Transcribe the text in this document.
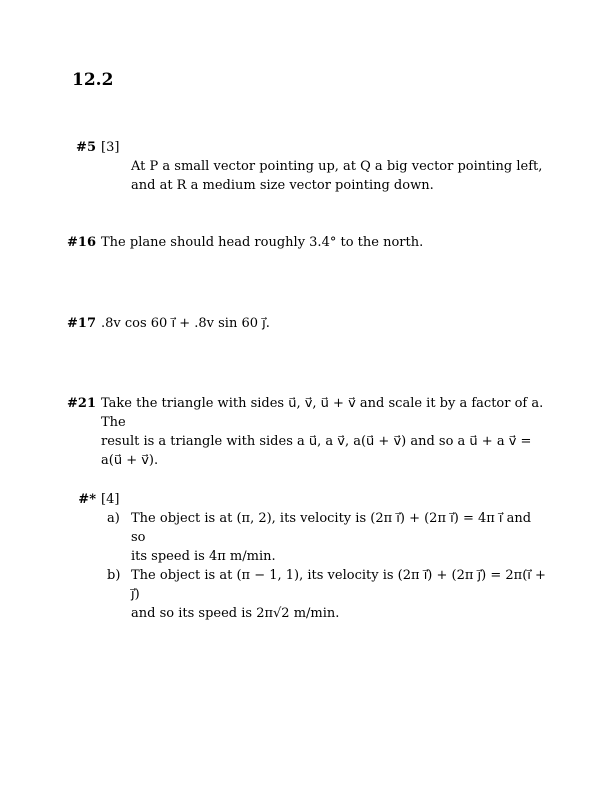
12.2
#5 [3]
At P a small vector pointing up, at Q a big vector pointing left,
and at R a medium size vector pointing down.
#16 The plane should head roughly 3.4° to the north.
#17 .8v cos 60 i⃗ + .8v sin 60 j⃗.
#21 Take the triangle with sides u⃗, v⃗, u⃗ + v⃗ and scale it by a factor of a. The
result is a triangle with sides a u⃗, a v⃗, a(u⃗ + v⃗) and so a u⃗ + a v⃗ = a(u⃗ + v⃗).
#* [4]
a) The object is at (π, 2), its velocity is (2π i⃗) + (2π i⃗) = 4π i⃗ and so
its speed is 4π m/min.
b) The object is at (π − 1, 1), its velocity is (2π i⃗) + (2π j⃗) = 2π(i⃗ + j⃗)
and so its speed is 2π√2 m/min.
